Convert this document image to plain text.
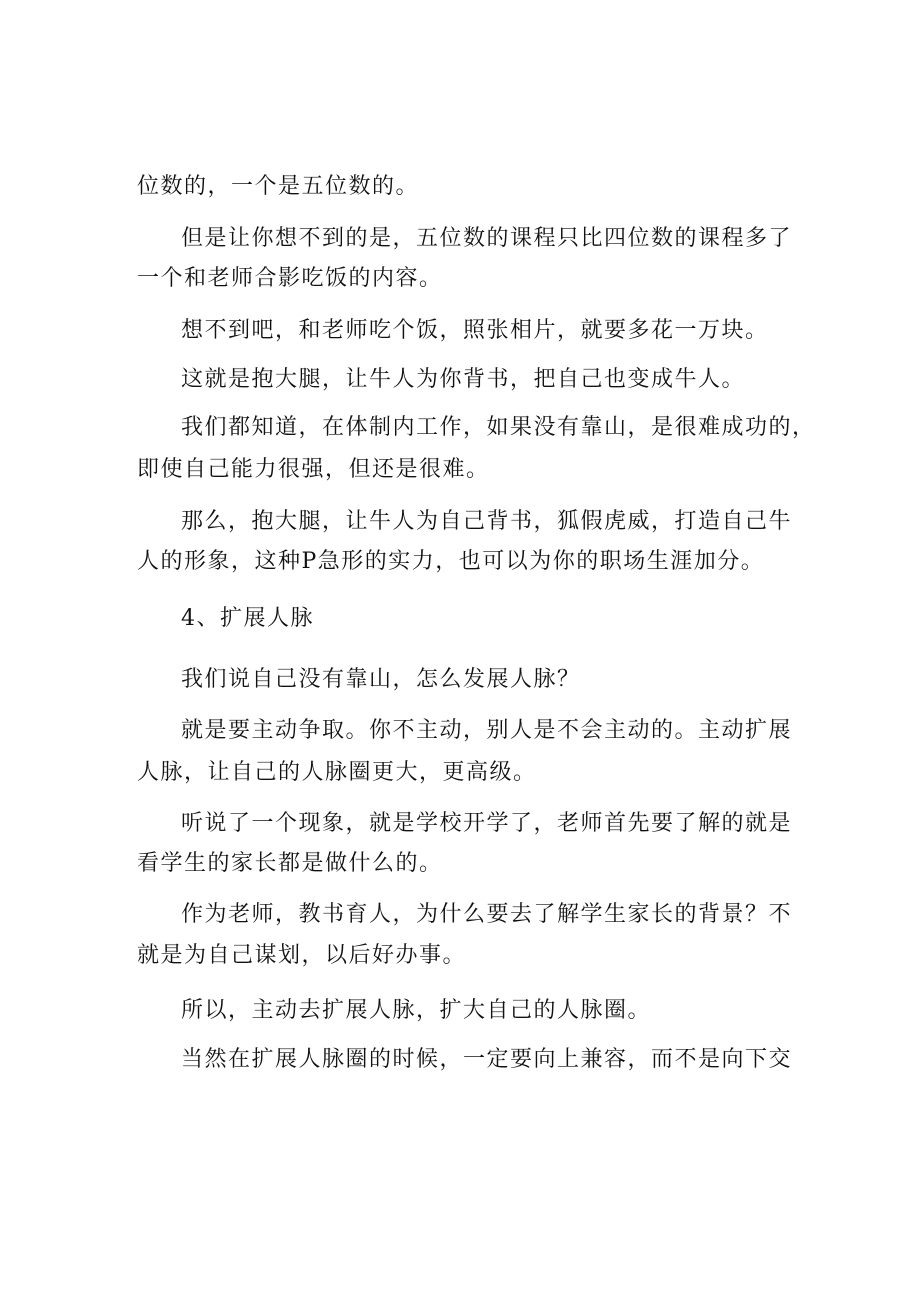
位数的，一个是五位数的。
但是让你想不到的是，五位数的课程只比四位数的课程多了
一个和老师合影吃饭的内容。
想不到吧，和老师吃个饭，照张相片，就要多花一万块。
这就是抱大腿，让牛人为你背书，把自己也变成牛人。
我们都知道，在体制内工作，如果没有靠山，是很难成功的，
即使自己能力很强，但还是很难。
那么，抱大腿，让牛人为自己背书，狐假虎威，打造自己牛
人的形象，这种P急形的实力，也可以为你的职场生涯加分。
4、扩展人脉
我们说自己没有靠山，怎么发展人脉？
就是要主动争取。你不主动，别人是不会主动的。主动扩展
人脉，让自己的人脉圈更大，更高级。
听说了一个现象，就是学校开学了，老师首先要了解的就是
看学生的家长都是做什么的。
作为老师，教书育人，为什么要去了解学生家长的背景？不
就是为自己谋划，以后好办事。
所以，主动去扩展人脉，扩大自己的人脉圈。
当然在扩展人脉圈的时候，一定要向上兼容，而不是向下交
